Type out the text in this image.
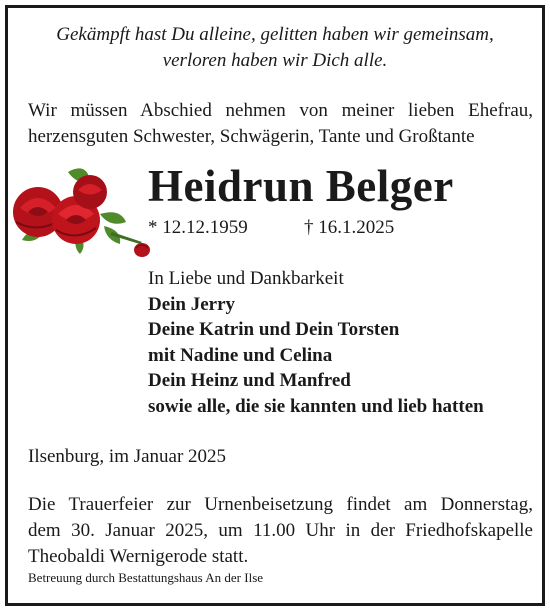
Gekämpft hast Du alleine, gelitten haben wir gemeinsam,
verloren haben wir Dich alle.
Wir müssen Abschied nehmen von meiner lieben Ehefrau, herzensguten Schwester, Schwägerin, Tante und Großtante
Heidrun Belger
* 12.12.1959	† 16.1.2025
In Liebe und Dankbarkeit
Dein Jerry
Deine Katrin und Dein Torsten
mit Nadine und Celina
Dein Heinz und Manfred
sowie alle, die sie kannten und lieb hatten
Ilsenburg, im Januar 2025
Die Trauerfeier zur Urnenbeisetzung findet am Donnerstag,
dem 30. Januar 2025, um 11.00 Uhr in der Friedhofskapelle
Theobaldi Wernigerode statt.
Betreuung durch Bestattungshaus An der Ilse
